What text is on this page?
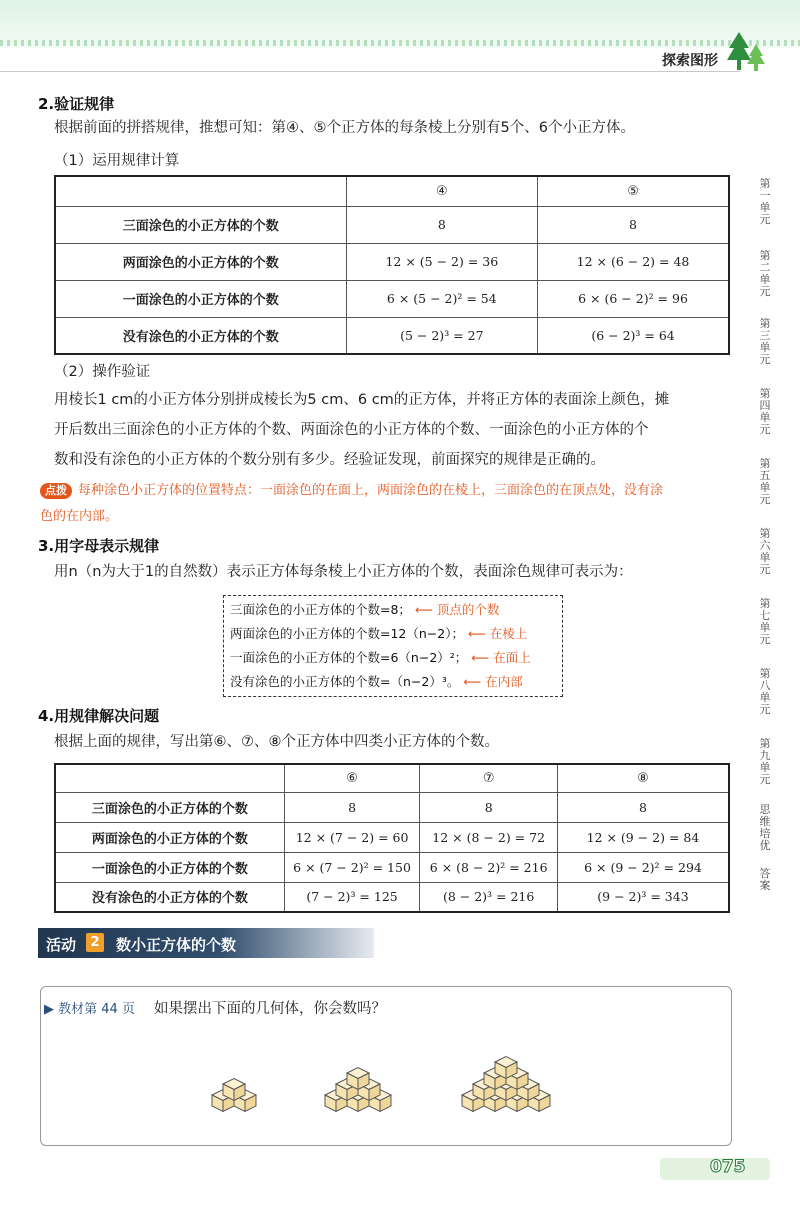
探索图形
2.验证规律
根据前面的拼搭规律，推想可知：第④、⑤个正方体的每条棱上分别有5个、6个小正方体。
（1）运用规律计算
	④	⑤
三面涂色的小正方体的个数	8	8
两面涂色的小正方体的个数	12 × (5 − 2) = 36	12 × (6 − 2) = 48
一面涂色的小正方体的个数	6 × (5 − 2)² = 54	6 × (6 − 2)² = 96
没有涂色的小正方体的个数	(5 − 2)³ = 27	(6 − 2)³ = 64
（2）操作验证
用棱长1 cm的小正方体分别拼成棱长为5 cm、6 cm的正方体，并将正方体的表面涂上颜色，摊
开后数出三面涂色的小正方体的个数、两面涂色的小正方体的个数、一面涂色的小正方体的个
数和没有涂色的小正方体的个数分别有多少。经验证发现，前面探究的规律是正确的。
点拨 每种涂色小正方体的位置特点：一面涂色的在面上，两面涂色的在棱上，三面涂色的在顶点处，没有涂
色的在内部。
3.用字母表示规律
用n（n为大于1的自然数）表示正方体每条棱上小正方体的个数，表面涂色规律可表示为：
三面涂色的小正方体的个数=8； ⟵ 顶点的个数
两面涂色的小正方体的个数=12（n−2）； ⟵ 在棱上
一面涂色的小正方体的个数=6（n−2）²； ⟵ 在面上
没有涂色的小正方体的个数=（n−2）³。 ⟵ 在内部
4.用规律解决问题
根据上面的规律，写出第⑥、⑦、⑧个正方体中四类小正方体的个数。
	⑥	⑦	⑧
三面涂色的小正方体的个数	8	8	8
两面涂色的小正方体的个数	12 × (7 − 2) = 60	12 × (8 − 2) = 72	12 × (9 − 2) = 84
一面涂色的小正方体的个数	6 × (7 − 2)² = 150	6 × (8 − 2)² = 216	6 × (9 − 2)² = 294
没有涂色的小正方体的个数	(7 − 2)³ = 125	(8 − 2)³ = 216	(9 − 2)³ = 343
活动	2 数小正方体的个数
▶ 教材第 44 页 如果摆出下面的几何体，你会数吗？
第
一
单
元
第
二
单
元
第
三
单
元
第
四
单
元
第
五
单
元
第
六
单
元
第
七
单
元
第
八
单
元
第
九
单
元
思
维
培
优
答
案
075
